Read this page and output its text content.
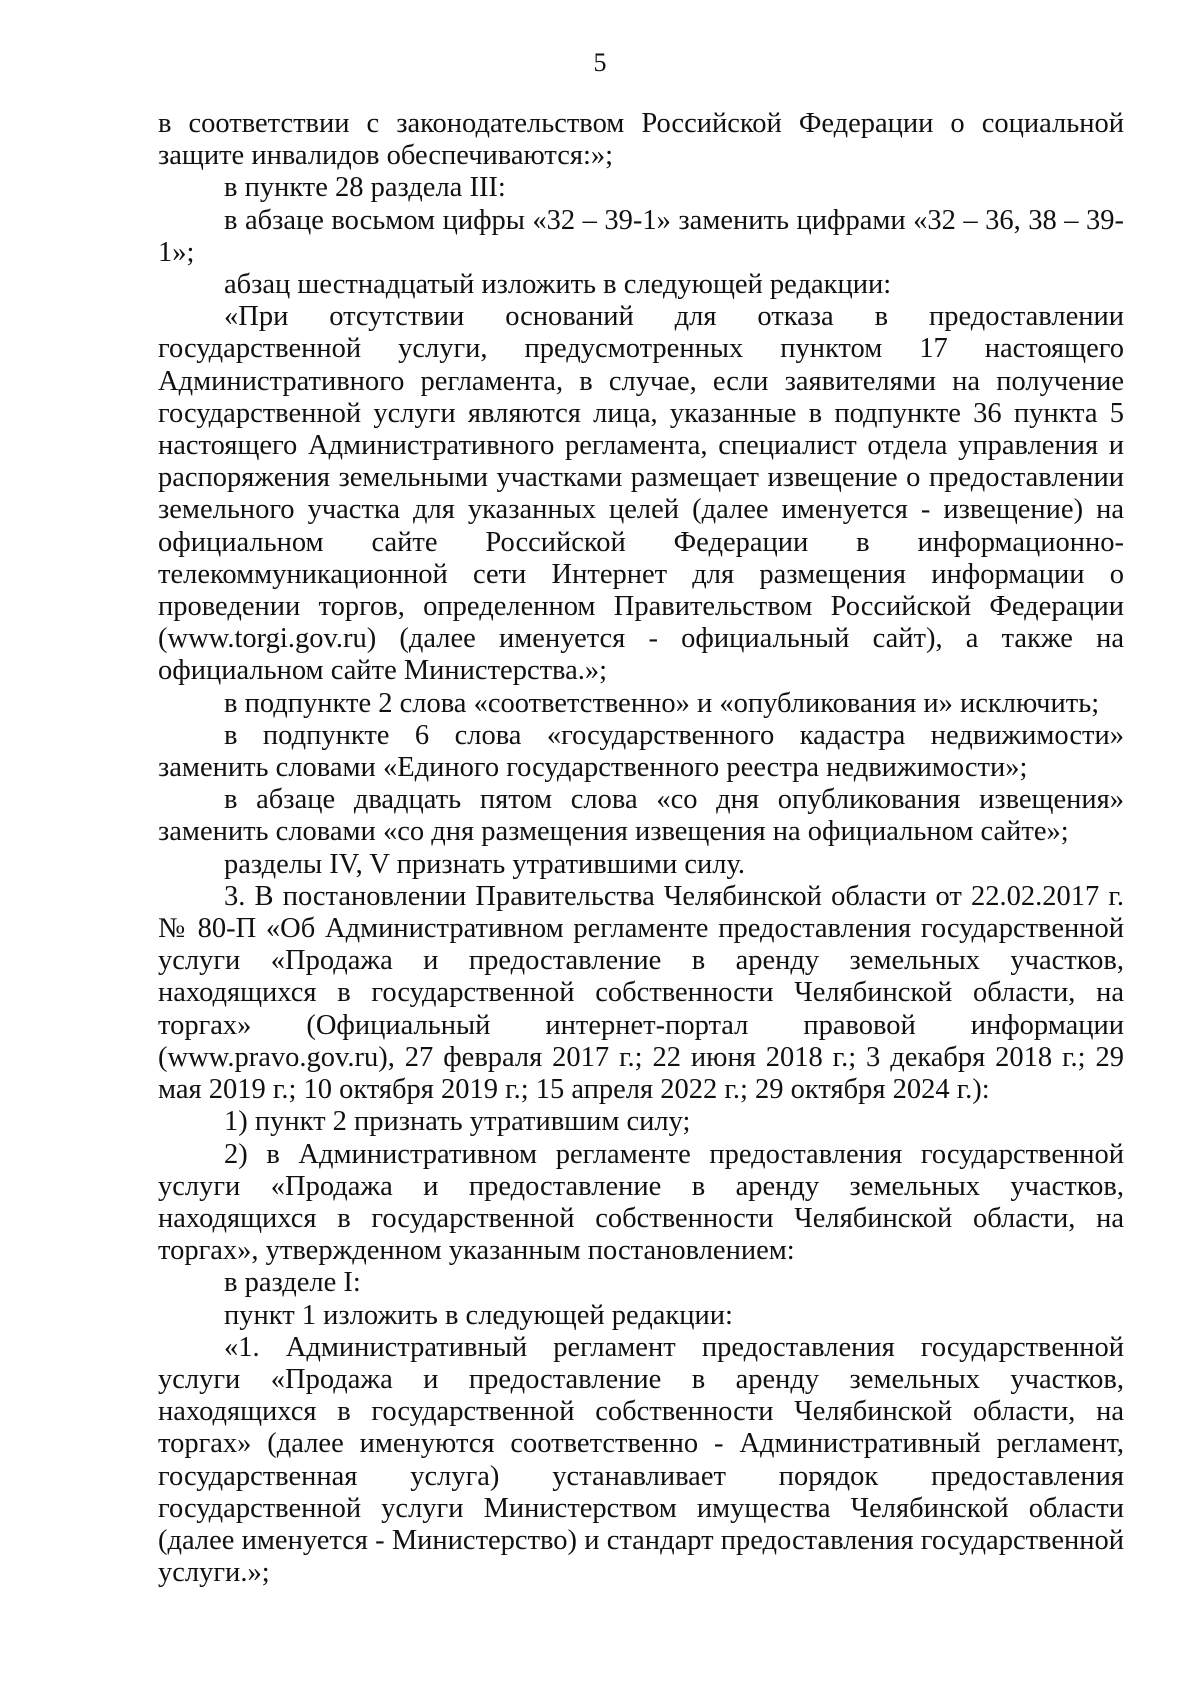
5

в соответствии с законодательством Российской Федерации о социальной защите инвалидов обеспечиваются:»;

в пункте 28 раздела III:

в абзаце восьмом цифры «32 – 39-1» заменить цифрами «32 – 36, 38 – 39-1»;

абзац шестнадцатый изложить в следующей редакции:

«При отсутствии оснований для отказа в предоставлении государственной услуги, предусмотренных пунктом 17 настоящего Административного регламента, в случае, если заявителями на получение государственной услуги являются лица, указанные в подпункте 36 пункта 5 настоящего Административного регламента, специалист отдела управления и распоряжения земельными участками размещает извещение о предоставлении земельного участка для указанных целей (далее именуется - извещение) на официальном сайте Российской Федерации в информационно-телекоммуникационной сети Интернет для размещения информации о проведении торгов, определенном Правительством Российской Федерации (www.torgi.gov.ru) (далее именуется - официальный сайт), а также на официальном сайте Министерства.»;

в подпункте 2 слова «соответственно» и «опубликования и» исключить;

в подпункте 6 слова «государственного кадастра недвижимости» заменить словами «Единого государственного реестра недвижимости»;

в абзаце двадцать пятом слова «со дня опубликования извещения» заменить словами «со дня размещения извещения на официальном сайте»;

разделы IV, V признать утратившими силу.

3. В постановлении Правительства Челябинской области от 22.02.2017 г. № 80-П «Об Административном регламенте предоставления государственной услуги «Продажа и предоставление в аренду земельных участков, находящихся в государственной собственности Челябинской области, на торгах» (Официальный интернет-портал правовой информации (www.pravo.gov.ru), 27 февраля 2017 г.; 22 июня 2018 г.; 3 декабря 2018 г.; 29 мая 2019 г.; 10 октября 2019 г.; 15 апреля 2022 г.; 29 октября 2024 г.):

1) пункт 2 признать утратившим силу;

2) в Административном регламенте предоставления государственной услуги «Продажа и предоставление в аренду земельных участков, находящихся в государственной собственности Челябинской области, на торгах», утвержденном указанным постановлением:

в разделе I:

пункт 1 изложить в следующей редакции:

«1. Административный регламент предоставления государственной услуги «Продажа и предоставление в аренду земельных участков, находящихся в государственной собственности Челябинской области, на торгах» (далее именуются соответственно - Административный регламент, государственная услуга) устанавливает порядок предоставления государственной услуги Министерством имущества Челябинской области (далее именуется - Министерство) и стандарт предоставления государственной услуги.»;
